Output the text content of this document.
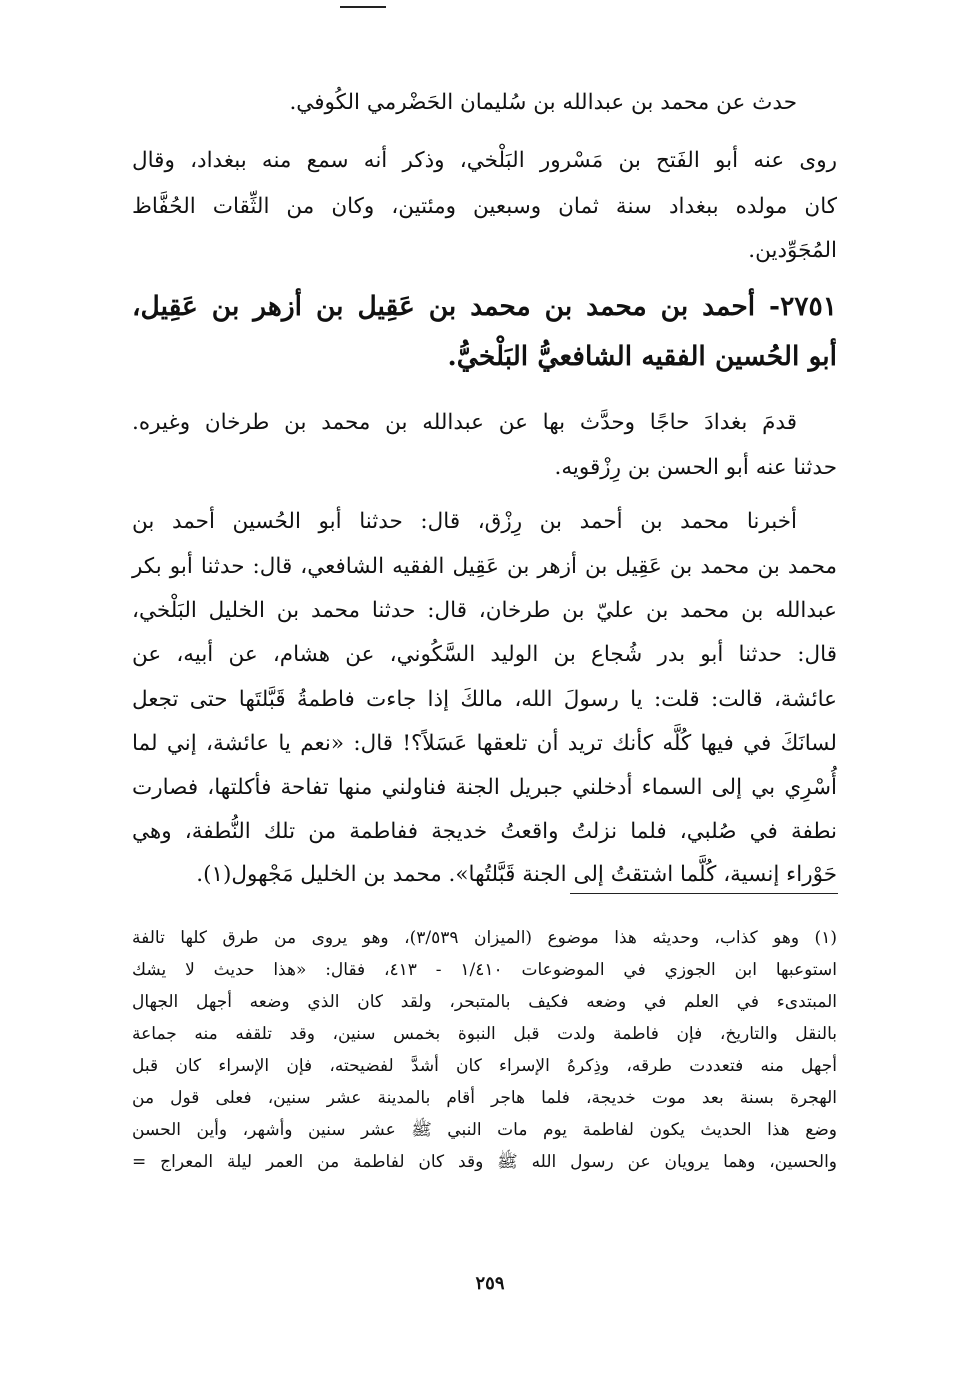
حدث عن محمد بن عبدالله بن سُليمان الحَضْرمي الكُوفي.
روى عنه أبو الفَتح بن مَسْرور البَلْخي، وذكر أنه سمع منه ببغداد، وقال
كان مولده ببغداد سنة ثمان وسبعين ومئتين، وكان من الثِّقات الحُفَّاظ
المُجَوِّدين.
٢٧٥١- أحمد بن محمد بن محمد بن عَقِيل بن أزهر بن عَقِيل،
أبو الحُسين الفقيه الشافعيُّ البَلْخيُّ.
قدمَ بغدادَ حاجًا وحدَّث بها عن عبدالله بن محمد بن طرخان وغيره.
حدثنا عنه أبو الحسن بن رِزْقويه.
أخبرنا محمد بن أحمد بن رِزْق، قال: حدثنا أبو الحُسين أحمد بن
محمد بن محمد بن عَقِيل بن أزهر بن عَقِيل الفقيه الشافعي، قال: حدثنا أبو بكر
عبدالله بن محمد بن عليّ بن طرخان، قال: حدثنا محمد بن الخليل البَلْخي،
قال: حدثنا أبو بدر شُجاع بن الوليد السَّكُوني، عن هشام، عن أبيه، عن
عائشة، قالت: قلت: يا رسولَ الله، مالكَ إذا جاءت فاطمةُ قَبَّلتَها حتى تجعل
لسانَكَ في فيها كُلَّه كأنك تريد أن تلعقها عَسَلاً؟! قال: «نعم يا عائشة، إني لما
أُسْرِي بي إلى السماء أدخلني جبريل الجنة فناولني منها تفاحة فأكلتها، فصارت
نطفة في صُلبي، فلما نزلتُ واقعتُ خديجة ففاطمة من تلك النُّطفة، وهي
حَوْراء إنسية، كُلَّما اشتقتُ إلى الجنة قَبَّلتُها». محمد بن الخليل مَجْهول(١).
(١) وهو كذاب، وحديثه هذا موضوع (الميزان ٣/٥٣٩)، وهو يروى من طرق كلها تالفة
استوعبها ابن الجوزي في الموضوعات ١/٤١٠ - ٤١٣، فقال: «هذا حديث لا يشك
المبتدىء في العلم في وضعه فكيف بالمتبحر، ولقد كان الذي وضعه أجهل الجهال
بالنقل والتاريخ، فإن فاطمة ولدت قبل النبوة بخمس سنين، وقد تلقفه منه جماعة
أجهل منه فتعددت طرقه، وذِكرهُ الإسراء كان أشدَّ لفضيحته، فإن الإسراء كان قبل
الهجرة بسنة بعد موت خديجة، فلما هاجر أقام بالمدينة عشر سنين، فعلى قول من
وضع هذا الحديث يكون لفاطمة يوم مات النبي ﷺ عشر سنين وأشهر، وأين الحسن
والحسين، وهما يرويان عن رسول الله ﷺ وقد كان لفاطمة من العمر ليلة المعراج =
٢٥٩
